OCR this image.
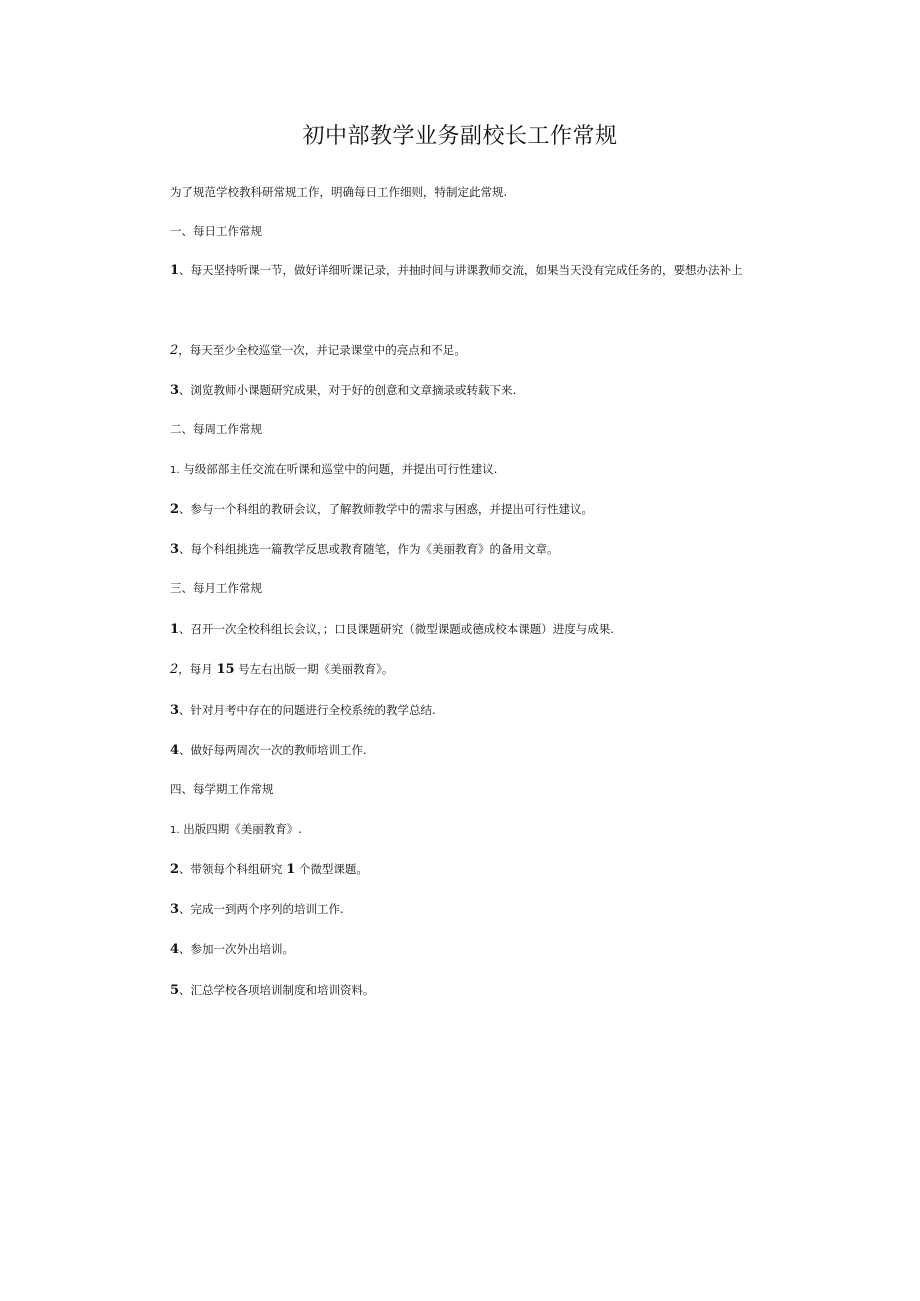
初中部教学业务副校长工作常规
为了规范学校教科研常规工作，明确每日工作细则，特制定此常规.
一、每日工作常规
1、每天坚持听课一节，做好详细听课记录，并抽时间与讲课教师交流，如果当天没有完成任务的，要想办法补上
2，每天至少全校巡堂一次，并记录课堂中的亮点和不足。
3、浏览教师小课题研究成果，对于好的创意和文章摘录或转载下来.
二、每周工作常规
1. 与级部部主任交流在听课和巡堂中的问题，并提出可行性建议.
2、参与一个科组的教研会议，了解教师教学中的需求与困惑，并提出可行性建议。
3、每个科组挑选一篇教学反思或教育随笔，作为《美丽教育》的备用文章。
三、每月工作常规
1、召开一次全校科组长会议，；口艮课题研究（微型课题或德成校本课题）进度与成果.
2，每月 15 号左右出版一期《美丽教育》。
3、针对月考中存在的问题进行全校系统的教学总结.
4、做好每两周次一次的教师培训工作.
四、每学期工作常规
1. 出版四期《美丽教育》.
2、带领每个科组研究 1 个微型课题。
3、完成一到两个序列的培训工作.
4、参加一次外出培训。
5、汇总学校各项培训制度和培训资料。
